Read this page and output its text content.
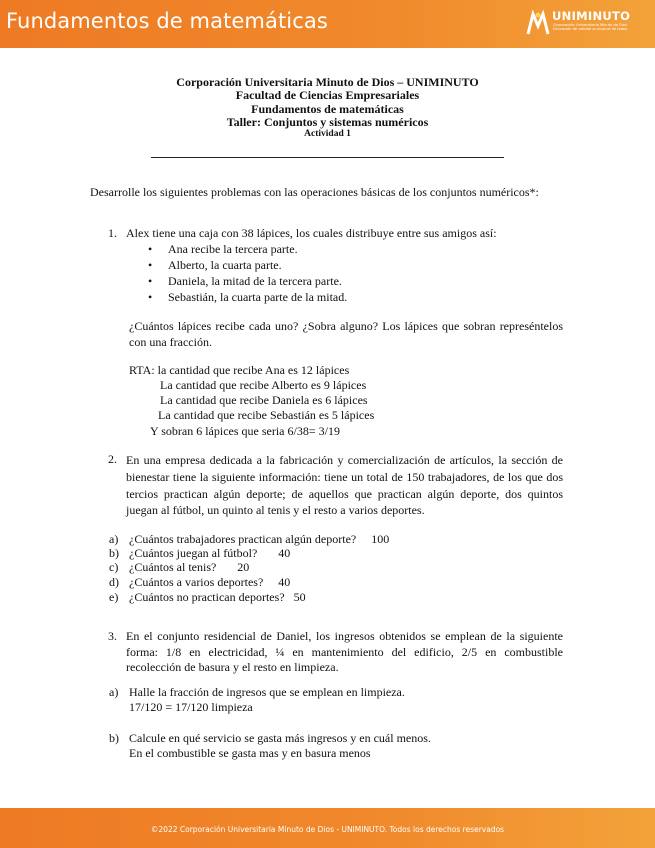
Fundamentos de matemáticas	UNIMINUTO
Corporación Universitaria Minuto de Dios
Educación de calidad al alcance de todos
Corporación Universitaria Minuto de Dios – UNIMINUTO
Facultad de Ciencias Empresariales
Fundamentos de matemáticas
Taller: Conjuntos y sistemas numéricos
Actividad 1
Desarrolle los siguientes problemas con las operaciones básicas de los conjuntos numéricos*:
1. Alex tiene una caja con 38 lápices, los cuales distribuye entre sus amigos así:
• Ana recibe la tercera parte.
• Alberto, la cuarta parte.
• Daniela, la mitad de la tercera parte.
• Sebastián, la cuarta parte de la mitad.
¿Cuántos lápices recibe cada uno? ¿Sobra alguno? Los lápices que sobran represéntelos con una fracción.
RTA: la cantidad que recibe Ana es 12 lápices
La cantidad que recibe Alberto es 9 lápices
La cantidad que recibe Daniela es 6 lápices
La cantidad que recibe Sebastián es 5 lápices
Y sobran 6 lápices que seria 6/38= 3/19
2. En una empresa dedicada a la fabricación y comercialización de artículos, la sección de bienestar tiene la siguiente información: tiene un total de 150 trabajadores, de los que dos tercios practican algún deporte; de aquellos que practican algún deporte, dos quintos juegan al fútbol, un quinto al tenis y el resto a varios deportes.
a) ¿Cuántos trabajadores practican algún deporte?     100
b) ¿Cuántos juegan al fútbol?       40
c) ¿Cuántos al tenis?       20
d) ¿Cuántos a varios deportes?     40
e) ¿Cuántos no practican deportes?   50
3. En el conjunto residencial de Daniel, los ingresos obtenidos se emplean de la siguiente forma: 1/8 en electricidad, ¼ en mantenimiento del edificio, 2/5 en combustible recolección de basura y el resto en limpieza.
a) Halle la fracción de ingresos que se emplean en limpieza.
17/120 = 17/120 limpieza
b) Calcule en qué servicio se gasta más ingresos y en cuál menos.
En el combustible se gasta mas y en basura menos
©2022 Corporación Universitaria Minuto de Dios - UNIMINUTO. Todos los derechos reservados
